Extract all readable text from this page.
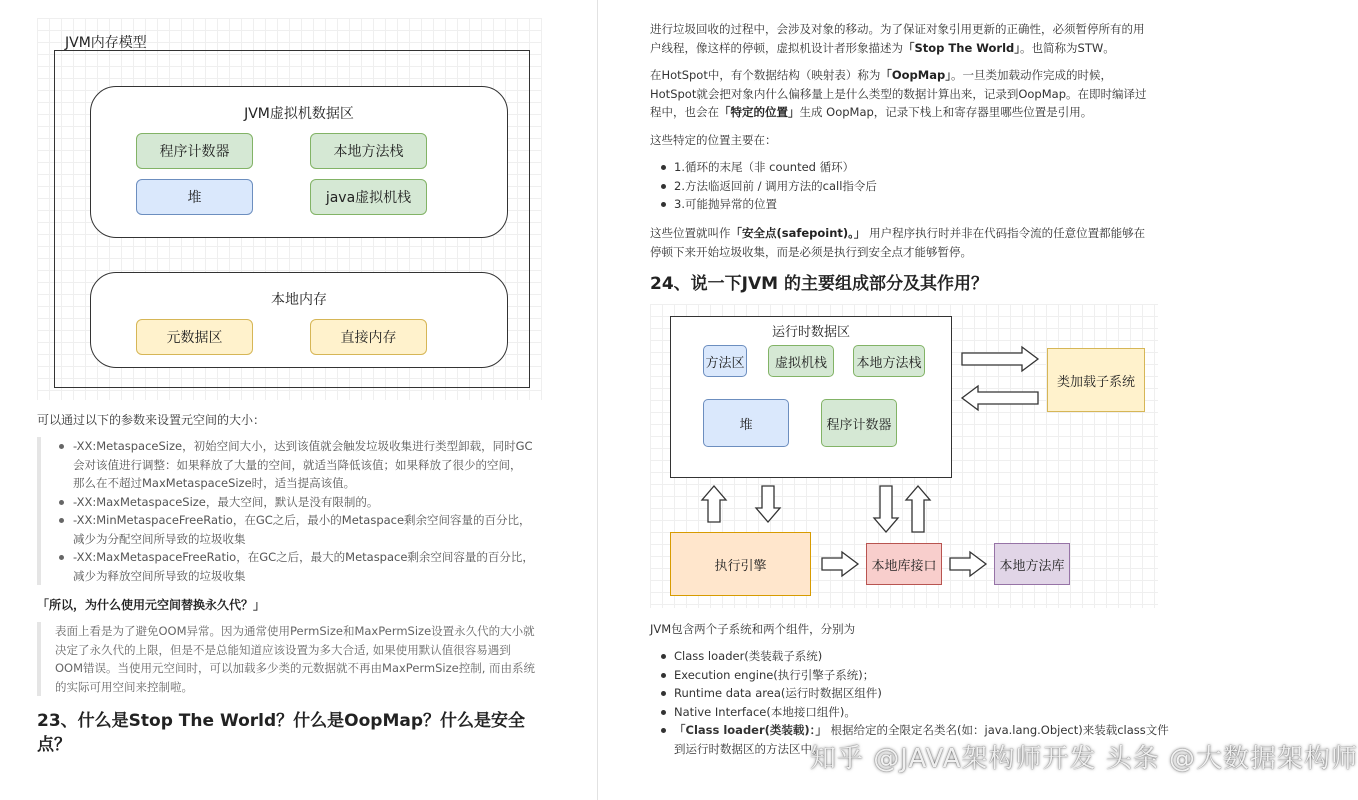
JVM内存模型
JVM虚拟机数据区
程序计数器	本地方法栈
堆	java虚拟机栈
本地内存
元数据区	直接内存
可以通过以下的参数来设置元空间的大小：
-XX:MetaspaceSize，初始空间大小，达到该值就会触发垃圾收集进行类型卸载，同时GC
会对该值进行调整：如果释放了大量的空间，就适当降低该值；如果释放了很少的空间，
那么在不超过MaxMetaspaceSize时，适当提高该值。
-XX:MaxMetaspaceSize，最大空间，默认是没有限制的。
-XX:MinMetaspaceFreeRatio，在GC之后，最小的Metaspace剩余空间容量的百分比，
减少为分配空间所导致的垃圾收集
-XX:MaxMetaspaceFreeRatio，在GC之后，最大的Metaspace剩余空间容量的百分比，
减少为释放空间所导致的垃圾收集
「所以，为什么使用元空间替换永久代？」
表面上看是为了避免OOM异常。因为通常使用PermSize和MaxPermSize设置永久代的大小就
决定了永久代的上限，但是不是总能知道应该设置为多大合适, 如果使用默认值很容易遇到
OOM错误。当使用元空间时，可以加载多少类的元数据就不再由MaxPermSize控制, 而由系统
的实际可用空间来控制啦。
23、什么是Stop The World？什么是OopMap？什么是安全
点？
进行垃圾回收的过程中，会涉及对象的移动。为了保证对象引用更新的正确性，必须暂停所有的用
户线程，像这样的停顿，虚拟机设计者形象描述为「Stop The World」。也简称为STW。
在HotSpot中，有个数据结构（映射表）称为「OopMap」。一旦类加载动作完成的时候，
HotSpot就会把对象内什么偏移量上是什么类型的数据计算出来，记录到OopMap。在即时编译过
程中，也会在「特定的位置」生成 OopMap，记录下栈上和寄存器里哪些位置是引用。
这些特定的位置主要在：
1.循环的末尾（非 counted 循环）
2.方法临返回前 / 调用方法的call指令后
3.可能抛异常的位置
这些位置就叫作「安全点(safepoint)。」 用户程序执行时并非在代码指令流的任意位置都能够在
停顿下来开始垃圾收集，而是必须是执行到安全点才能够暂停。
24、说一下JVM 的主要组成部分及其作用？
运行时数据区
方法区	虚拟机栈	本地方法栈
堆	程序计数器
类加载子系统
执行引擎	本地库接口	本地方法库
JVM包含两个子系统和两个组件，分别为
Class loader(类装载子系统)
Execution engine(执行引擎子系统)；
Runtime data area(运行时数据区组件)
Native Interface(本地接口组件)。
「Class loader(类装载)：」 根据给定的全限定名类名(如：java.lang.Object)来装载class文件
到运行时数据区的方法区中。
知乎 @JAVA架构师开发 头条 @大数据架构师
